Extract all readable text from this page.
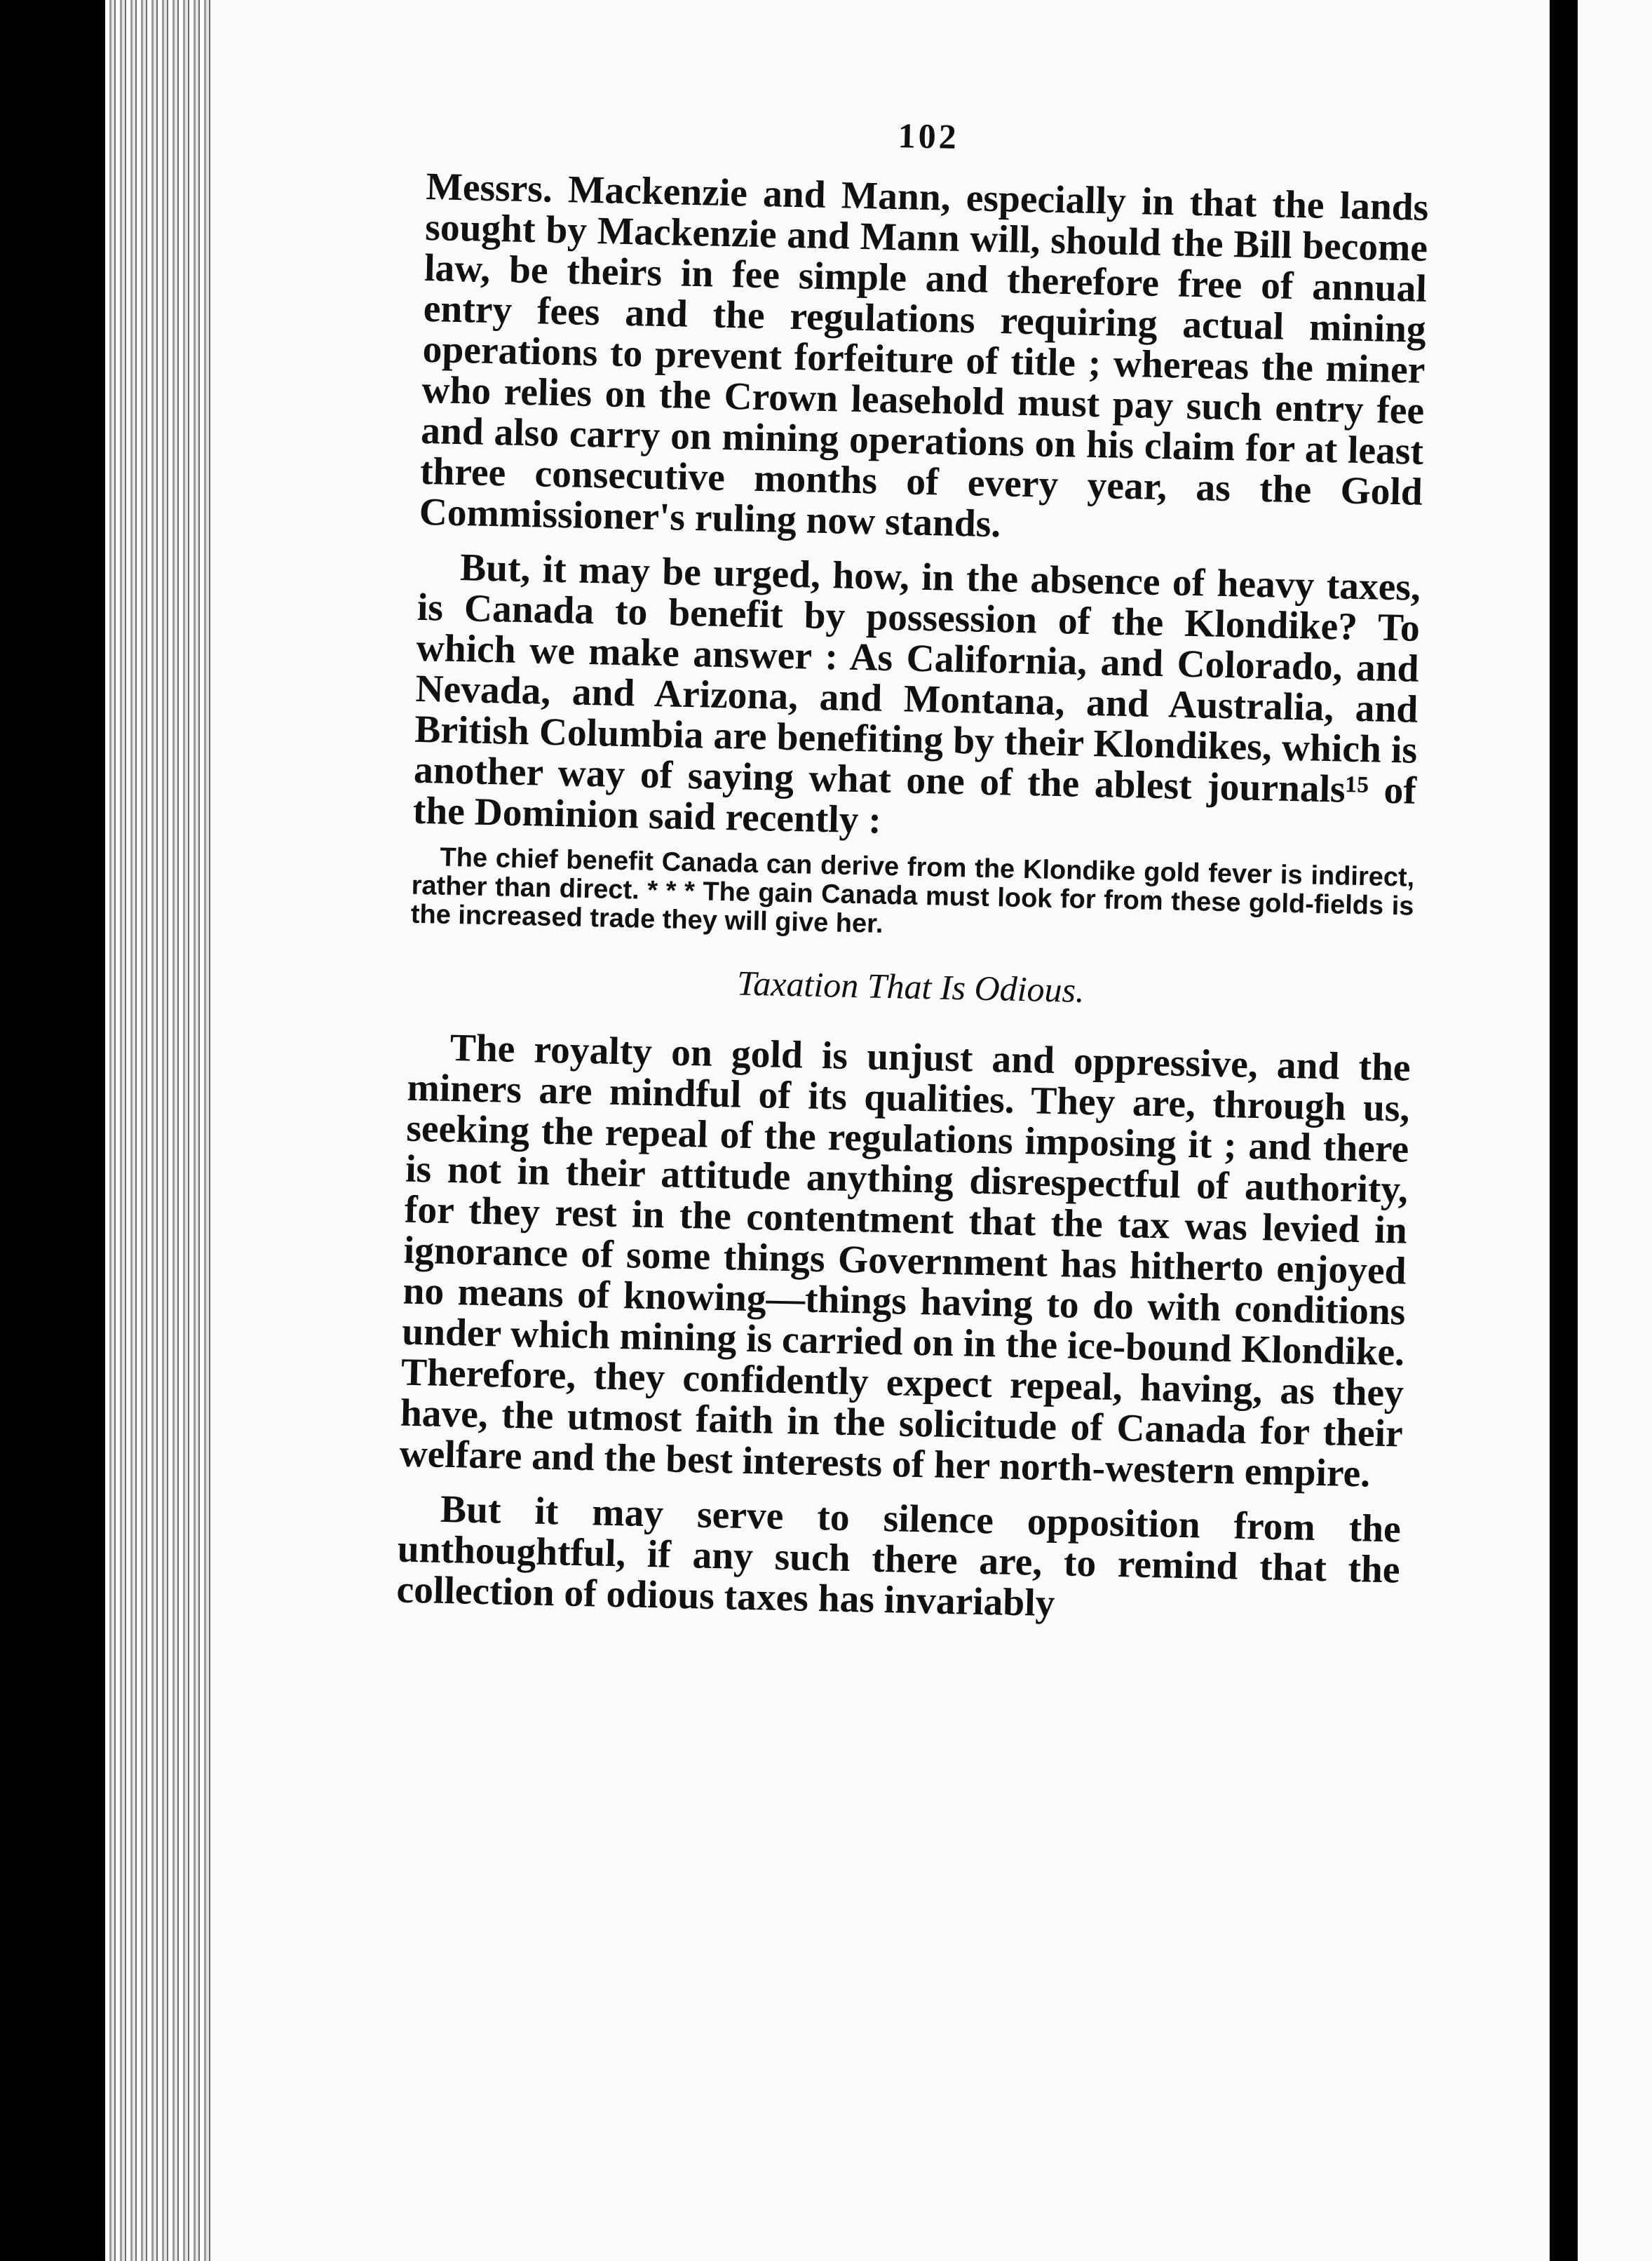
102

Messrs. Mackenzie and Mann, especially in that the lands sought by Mackenzie and Mann will, should the Bill become law, be theirs in fee simple and therefore free of annual entry fees and the regulations requiring actual mining operations to prevent forfeiture of title ; whereas the miner who relies on the Crown leasehold must pay such entry fee and also carry on mining operations on his claim for at least three consecutive months of every year, as the Gold Commissioner's ruling now stands.

But, it may be urged, how, in the absence of heavy taxes, is Canada to benefit by possession of the Klondike? To which we make answer : As California, and Colorado, and Nevada, and Arizona, and Montana, and Australia, and British Columbia are benefiting by their Klondikes, which is another way of saying what one of the ablest journals¹⁵ of the Dominion said recently :

The chief benefit Canada can derive from the Klondike gold fever is indirect, rather than direct. * * * The gain Canada must look for from these gold-fields is the increased trade they will give her.

Taxation That Is Odious.

The royalty on gold is unjust and oppressive, and the miners are mindful of its qualities. They are, through us, seeking the repeal of the regulations imposing it ; and there is not in their attitude anything disrespectful of authority, for they rest in the contentment that the tax was levied in ignorance of some things Government has hitherto enjoyed no means of knowing—things having to do with conditions under which mining is carried on in the ice-bound Klondike. Therefore, they confidently expect repeal, having, as they have, the utmost faith in the solicitude of Canada for their welfare and the best interests of her north-western empire.

But it may serve to silence opposition from the unthoughtful, if any such there are, to remind that the collection of odious taxes has invariably
